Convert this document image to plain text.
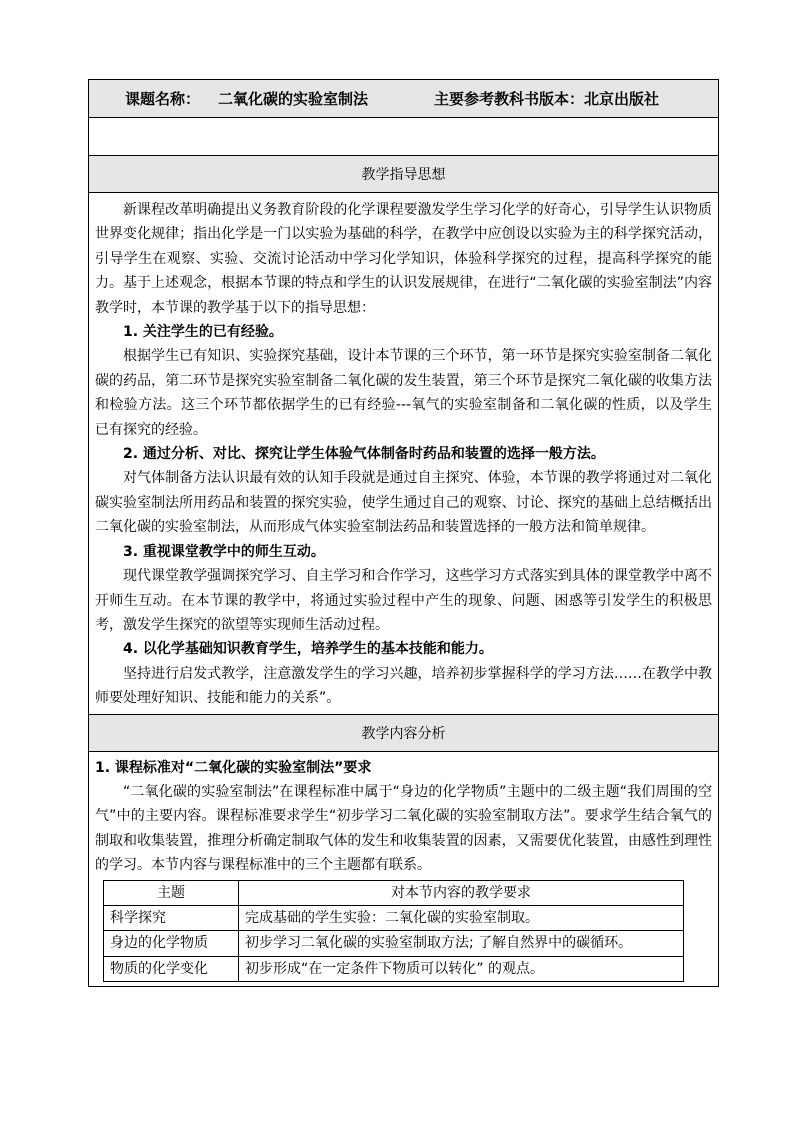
课题名称： 二氧化碳的实验室制法	主要参考教科书版本：北京出版社
教学指导思想

新课程改革明确提出义务教育阶段的化学课程要激发学生学习化学的好奇心，引导学生认识物质世界变化规律；指出化学是一门以实验为基础的科学，在教学中应创设以实验为主的科学探究活动，引导学生在观察、实验、交流讨论活动中学习化学知识，体验科学探究的过程，提高科学探究的能力。基于上述观念，根据本节课的特点和学生的认识发展规律，在进行“二氧化碳的实验室制法”内容教学时，本节课的教学基于以下的指导思想：

1. 关注学生的已有经验。

根据学生已有知识、实验探究基础，设计本节课的三个环节，第一环节是探究实验室制备二氧化碳的药品，第二环节是探究实验室制备二氧化碳的发生装置，第三个环节是探究二氧化碳的收集方法和检验方法。这三个环节都依据学生的已有经验---氧气的实验室制备和二氧化碳的性质，以及学生已有探究的经验。

2. 通过分析、对比、探究让学生体验气体制备时药品和装置的选择一般方法。

对气体制备方法认识最有效的认知手段就是通过自主探究、体验，本节课的教学将通过对二氧化碳实验室制法所用药品和装置的探究实验，使学生通过自己的观察、讨论、探究的基础上总结概括出二氧化碳的实验室制法，从而形成气体实验室制法药品和装置选择的一般方法和简单规律。

3. 重视课堂教学中的师生互动。

现代课堂教学强调探究学习、自主学习和合作学习，这些学习方式落实到具体的课堂教学中离不开师生互动。在本节课的教学中，将通过实验过程中产生的现象、问题、困惑等引发学生的积极思考，激发学生探究的欲望等实现师生活动过程。

4. 以化学基础知识教育学生，培养学生的基本技能和能力。

坚持进行启发式教学，注意激发学生的学习兴趣，培养初步掌握科学的学习方法……在教学中教师要处理好知识、技能和能力的关系”。

教学内容分析

1. 课程标准对“二氧化碳的实验室制法”要求

“二氧化碳的实验室制法”在课程标准中属于“身边的化学物质”主题中的二级主题“我们周围的空气”中的主要内容。课程标准要求学生“初步学习二氧化碳的实验室制取方法”。要求学生结合氧气的制取和收集装置，推理分析确定制取气体的发生和收集装置的因素，又需要优化装置，由感性到理性的学习。本节内容与课程标准中的三个主题都有联系。

主题	对本节内容的教学要求
科学探究	完成基础的学生实验：二氧化碳的实验室制取。
身边的化学物质	初步学习二氧化碳的实验室制取方法; 了解自然界中的碳循环。
物质的化学变化	初步形成“在一定条件下物质可以转化” 的观点。
